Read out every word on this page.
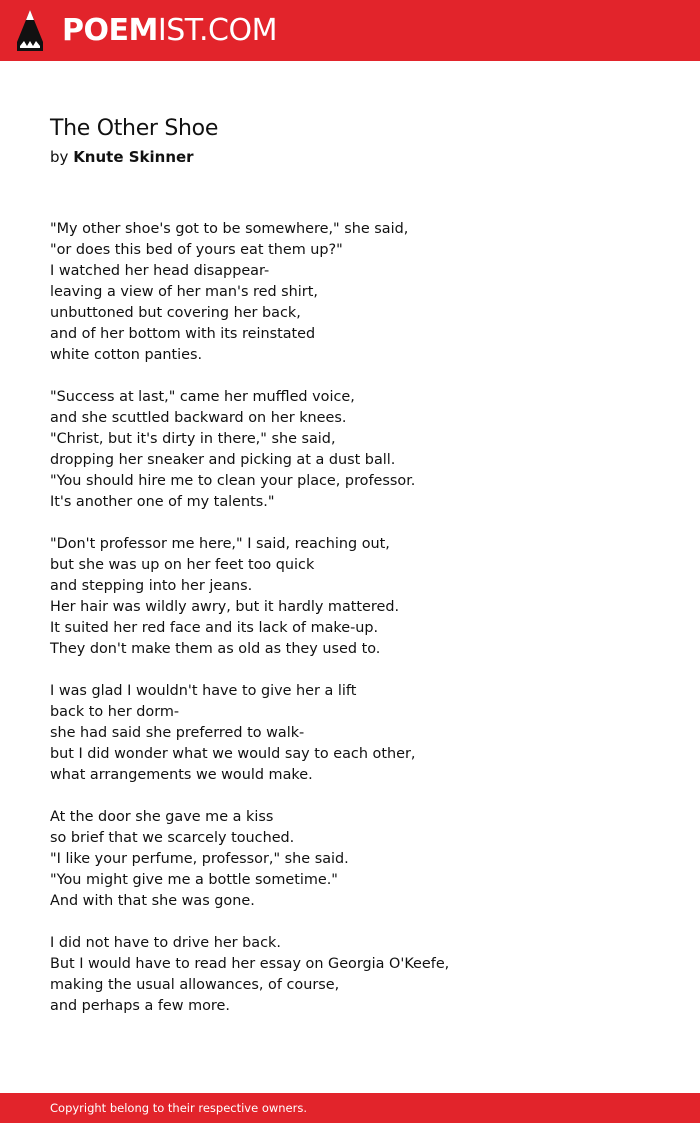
POEMIST.COM
The Other Shoe
by Knute Skinner
"My other shoe's got to be somewhere," she said,
"or does this bed of yours eat them up?"
I watched her head disappear-
leaving a view of her man's red shirt,
unbuttoned but covering her back,
and of her bottom with its reinstated
white cotton panties.
"Success at last," came her muffled voice,
and she scuttled backward on her knees.
"Christ, but it's dirty in there," she said,
dropping her sneaker and picking at a dust ball.
"You should hire me to clean your place, professor.
It's another one of my talents."
"Don't professor me here," I said, reaching out,
but she was up on her feet too quick
and stepping into her jeans.
Her hair was wildly awry, but it hardly mattered.
It suited her red face and its lack of make-up.
They don't make them as old as they used to.
I was glad I wouldn't have to give her a lift
back to her dorm-
she had said she preferred to walk-
but I did wonder what we would say to each other,
what arrangements we would make.
At the door she gave me a kiss
so brief that we scarcely touched.
"I like your perfume, professor," she said.
"You might give me a bottle sometime."
And with that she was gone.
I did not have to drive her back.
But I would have to read her essay on Georgia O'Keefe,
making the usual allowances, of course,
and perhaps a few more.
Copyright belong to their respective owners.
